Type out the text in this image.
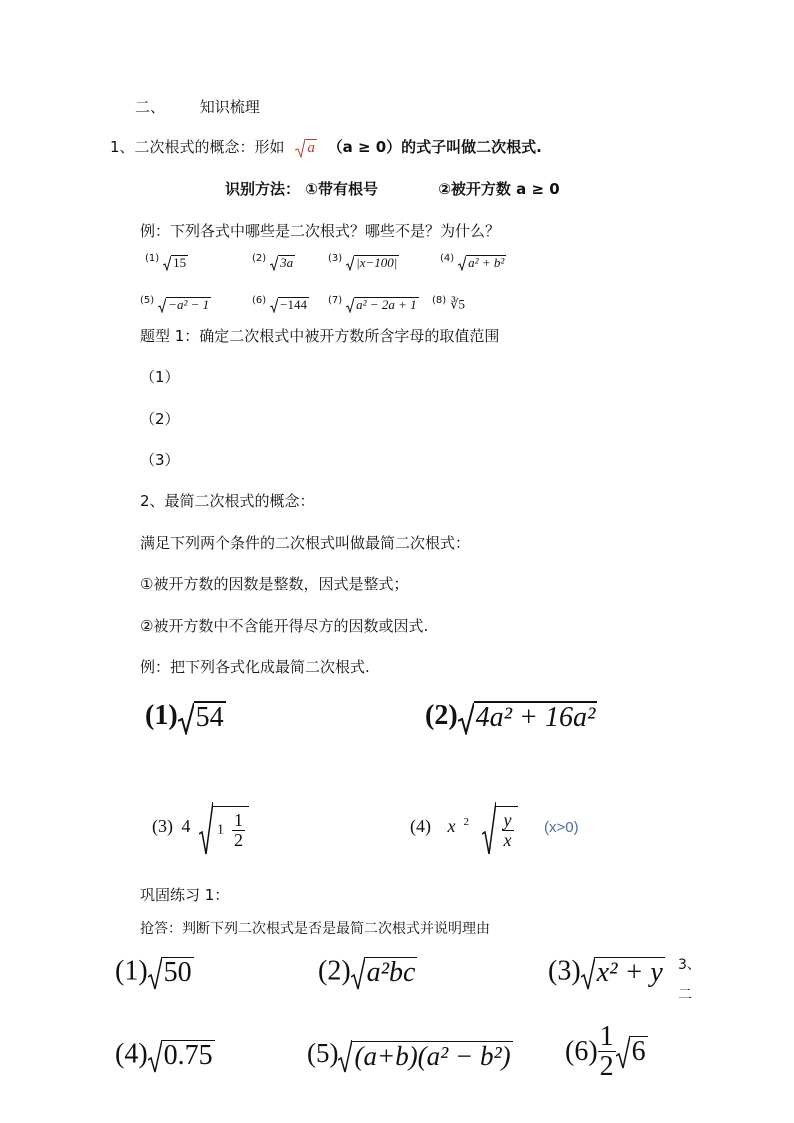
二、 知识梳理
1、二次根式的概念：形如 a （a ≥ 0）的式子叫做二次根式.
识别方法： ①带有根号	②被开方数 a ≥ 0
例：下列各式中哪些是二次根式？哪些不是？为什么？
$^{(1)}$ 15	$^{(2)}$ 3a	$^{(3)}$ |x−100|	$^{(4)}$ a² + b²
$^{(5)}$ −a² − 1	$^{(6)}$ −144 $^{(7)}$ a² − 2a + 1 $^{(8)}$ ∛5
题型 1：确定二次根式中被开方数所含字母的取值范围
（1）
（2）
（3）
2、最简二次根式的概念：
满足下列两个条件的二次根式叫做最简二次根式：
①被开方数的因数是整数，因式是整式；
②被开方数中不含能开得尽方的因数或因式.
例：把下列各式化成最简二次根式.
(1) 54	(2) 4a² + 16a²
(3) 4 $1 \frac{1}{2}$	(4) x $^2 \frac{y}{x} (x>0)$
巩固练习 1：
抢答：判断下列二次根式是否是最简二次根式并说明理由
(1) 50	(2) a²bc	(3) x² + y 3、二
(4) 0.75	(5) (a+b)(a² − b²) $(6) \frac{1}{2} 6$
